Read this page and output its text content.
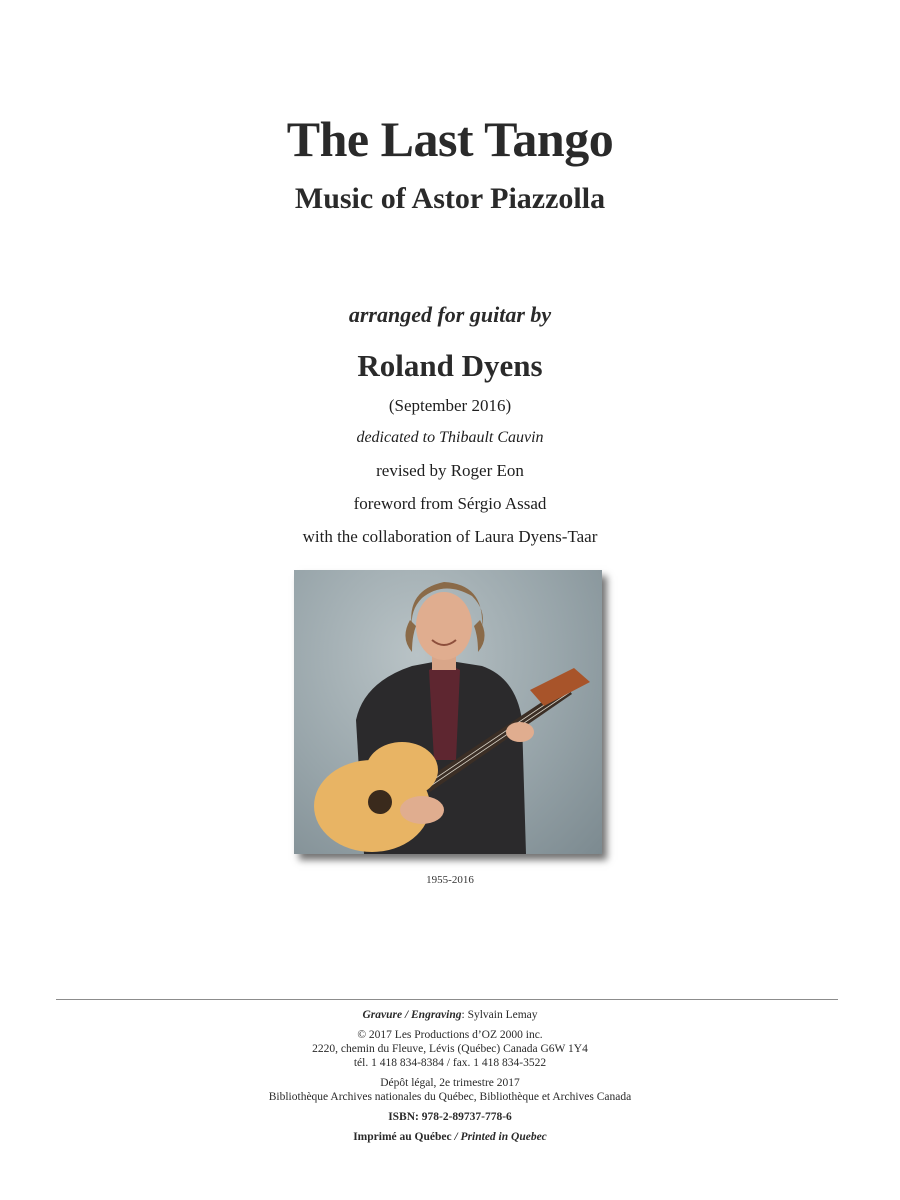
The Last Tango
Music of Astor Piazzolla
arranged for guitar by
Roland Dyens
(September 2016)
dedicated to Thibault Cauvin
revised by Roger Eon
foreword from Sérgio Assad
with the collaboration of Laura Dyens-Taar
1955-2016
Gravure / Engraving: Sylvain Lemay
© 2017 Les Productions d’OZ 2000 inc.
2220, chemin du Fleuve, Lévis (Québec) Canada G6W 1Y4
tél. 1 418 834-8384 / fax. 1 418 834-3522
Dépôt légal, 2e trimestre 2017
Bibliothèque Archives nationales du Québec, Bibliothèque et Archives Canada
ISBN: 978-2-89737-778-6
Imprimé au Québec / Printed in Quebec
